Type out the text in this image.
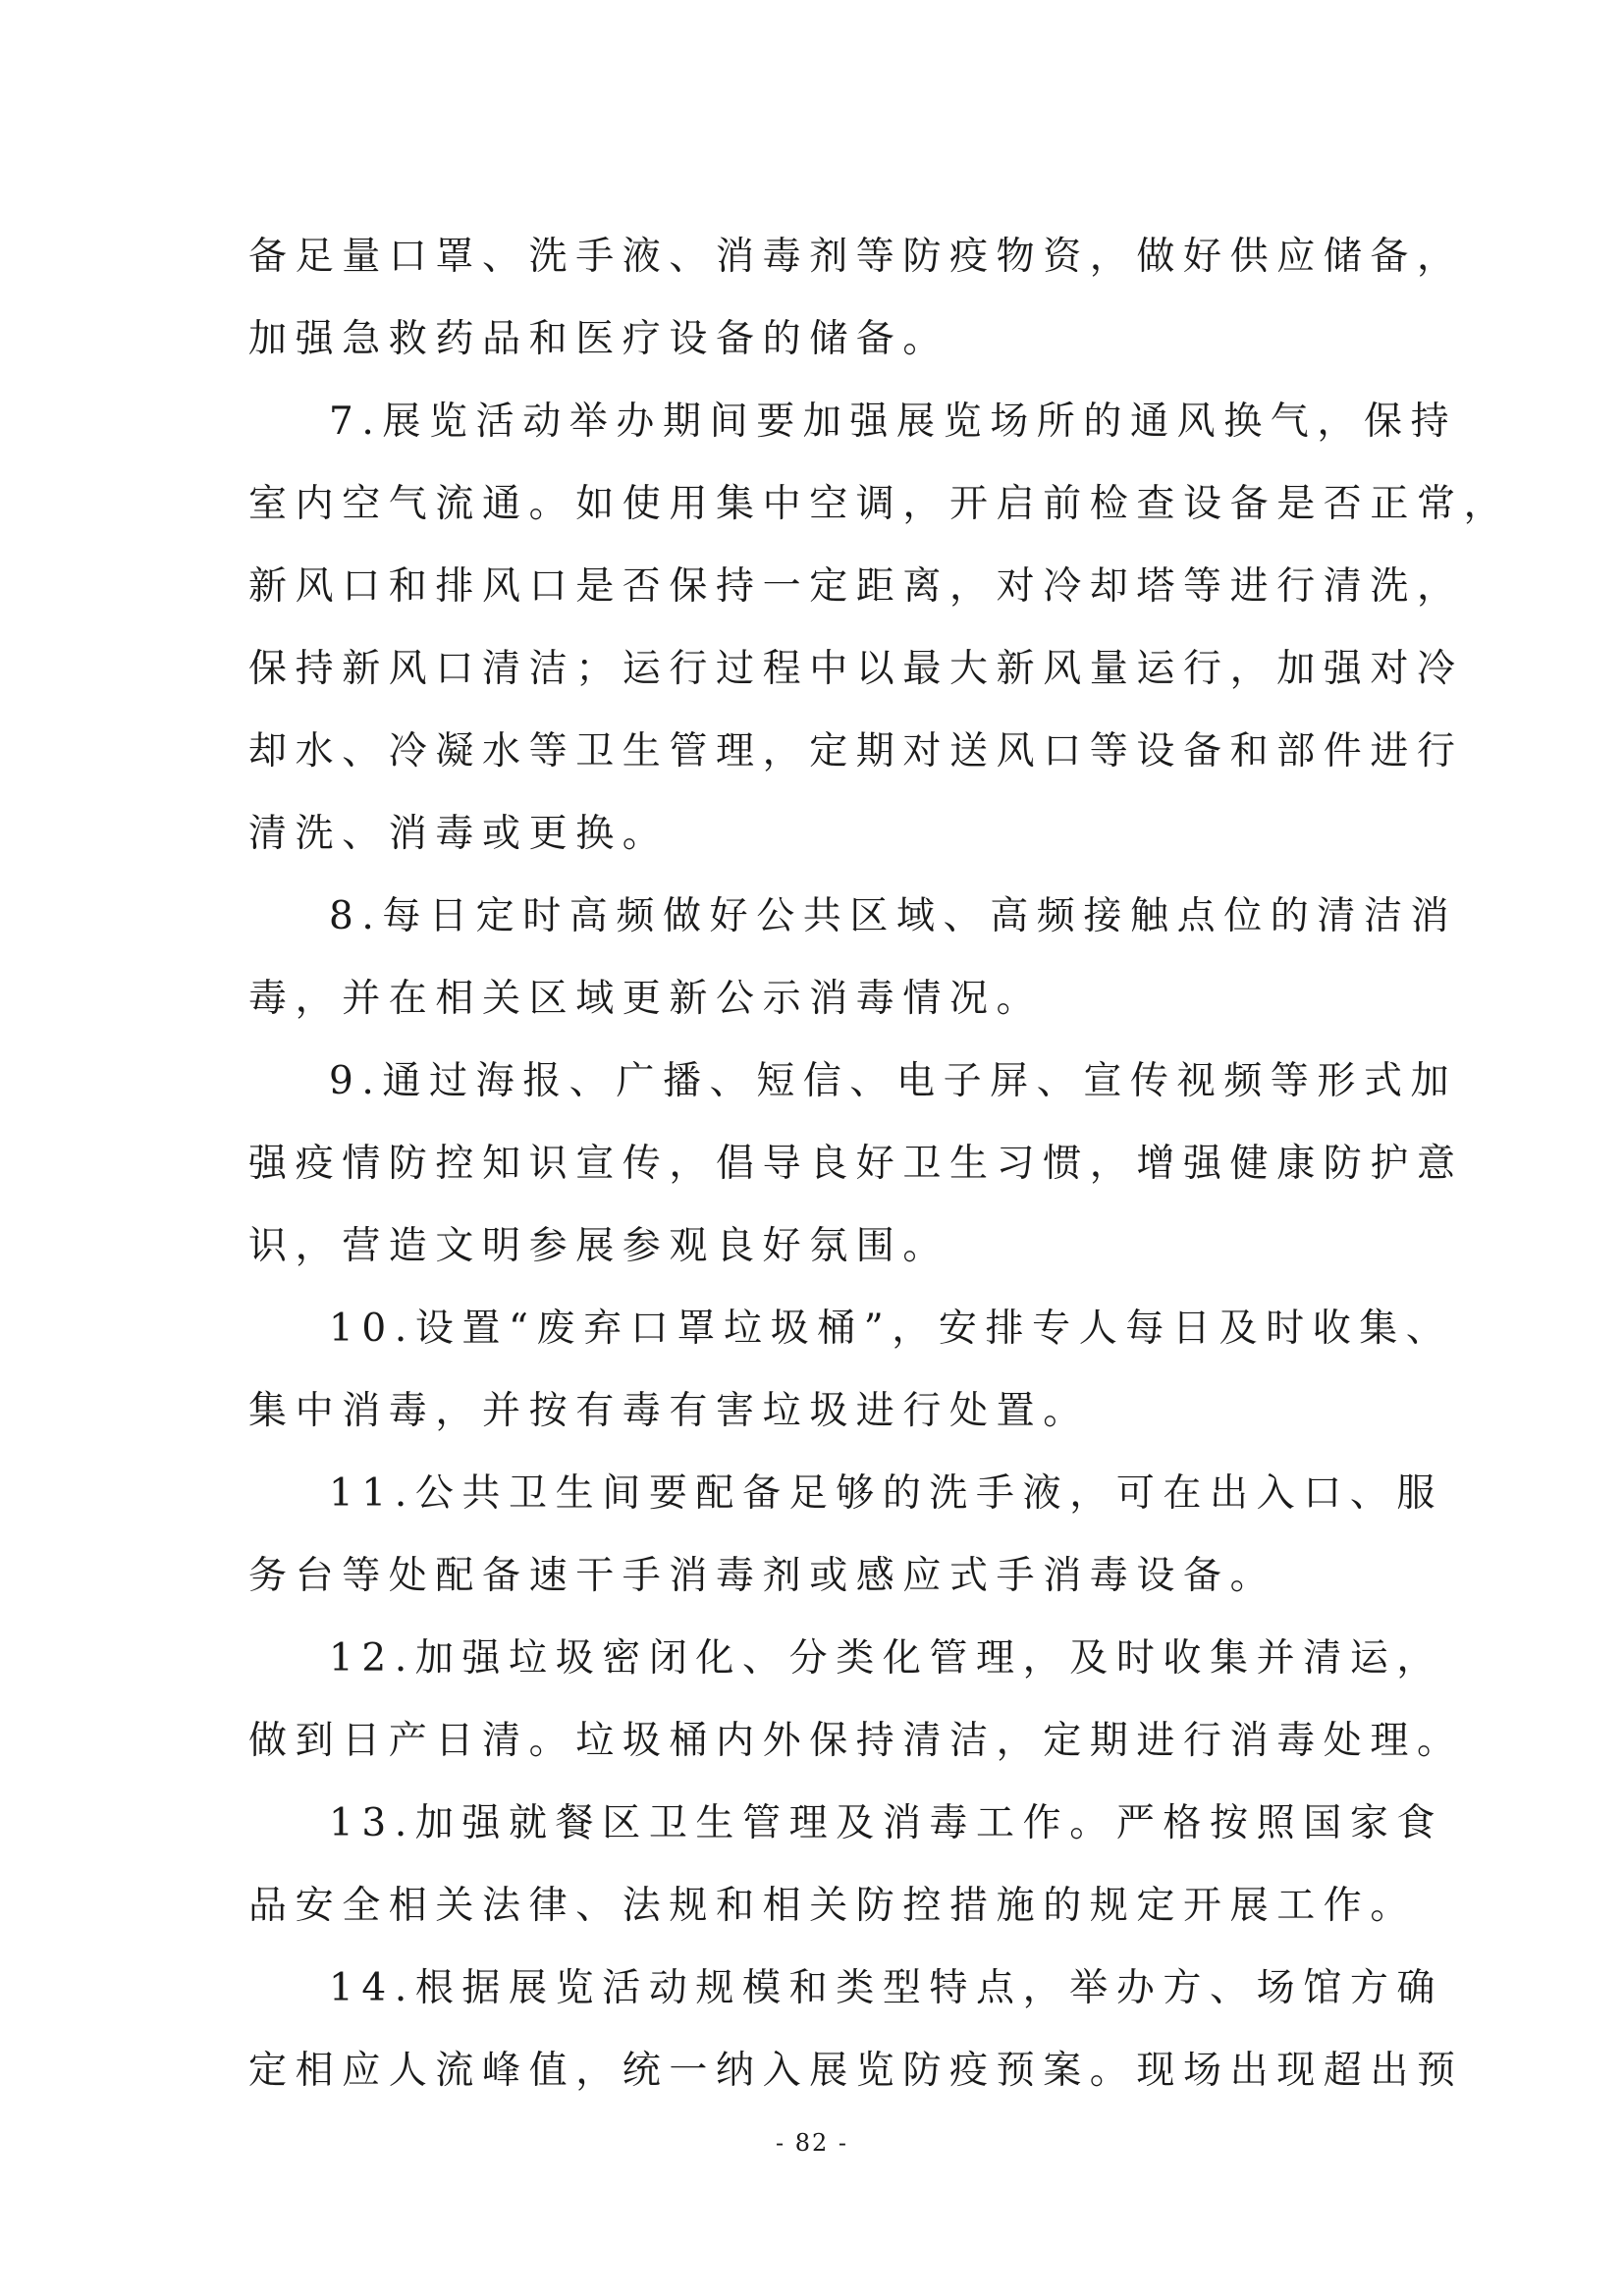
备足量口罩、洗手液、消毒剂等防疫物资，做好供应储备，
加强急救药品和医疗设备的储备。
7.展览活动举办期间要加强展览场所的通风换气，保持
室内空气流通。如使用集中空调，开启前检查设备是否正常，
新风口和排风口是否保持一定距离，对冷却塔等进行清洗，
保持新风口清洁；运行过程中以最大新风量运行，加强对冷
却水、冷凝水等卫生管理，定期对送风口等设备和部件进行
清洗、消毒或更换。
8.每日定时高频做好公共区域、高频接触点位的清洁消
毒，并在相关区域更新公示消毒情况。
9.通过海报、广播、短信、电子屏、宣传视频等形式加
强疫情防控知识宣传，倡导良好卫生习惯，增强健康防护意
识，营造文明参展参观良好氛围。
10.设置“废弃口罩垃圾桶”，安排专人每日及时收集、
集中消毒，并按有毒有害垃圾进行处置。
11.公共卫生间要配备足够的洗手液，可在出入口、服
务台等处配备速干手消毒剂或感应式手消毒设备。
12.加强垃圾密闭化、分类化管理，及时收集并清运，
做到日产日清。垃圾桶内外保持清洁，定期进行消毒处理。
13.加强就餐区卫生管理及消毒工作。严格按照国家食
品安全相关法律、法规和相关防控措施的规定开展工作。
14.根据展览活动规模和类型特点，举办方、场馆方确
定相应人流峰值，统一纳入展览防疫预案。现场出现超出预
- 82 -
